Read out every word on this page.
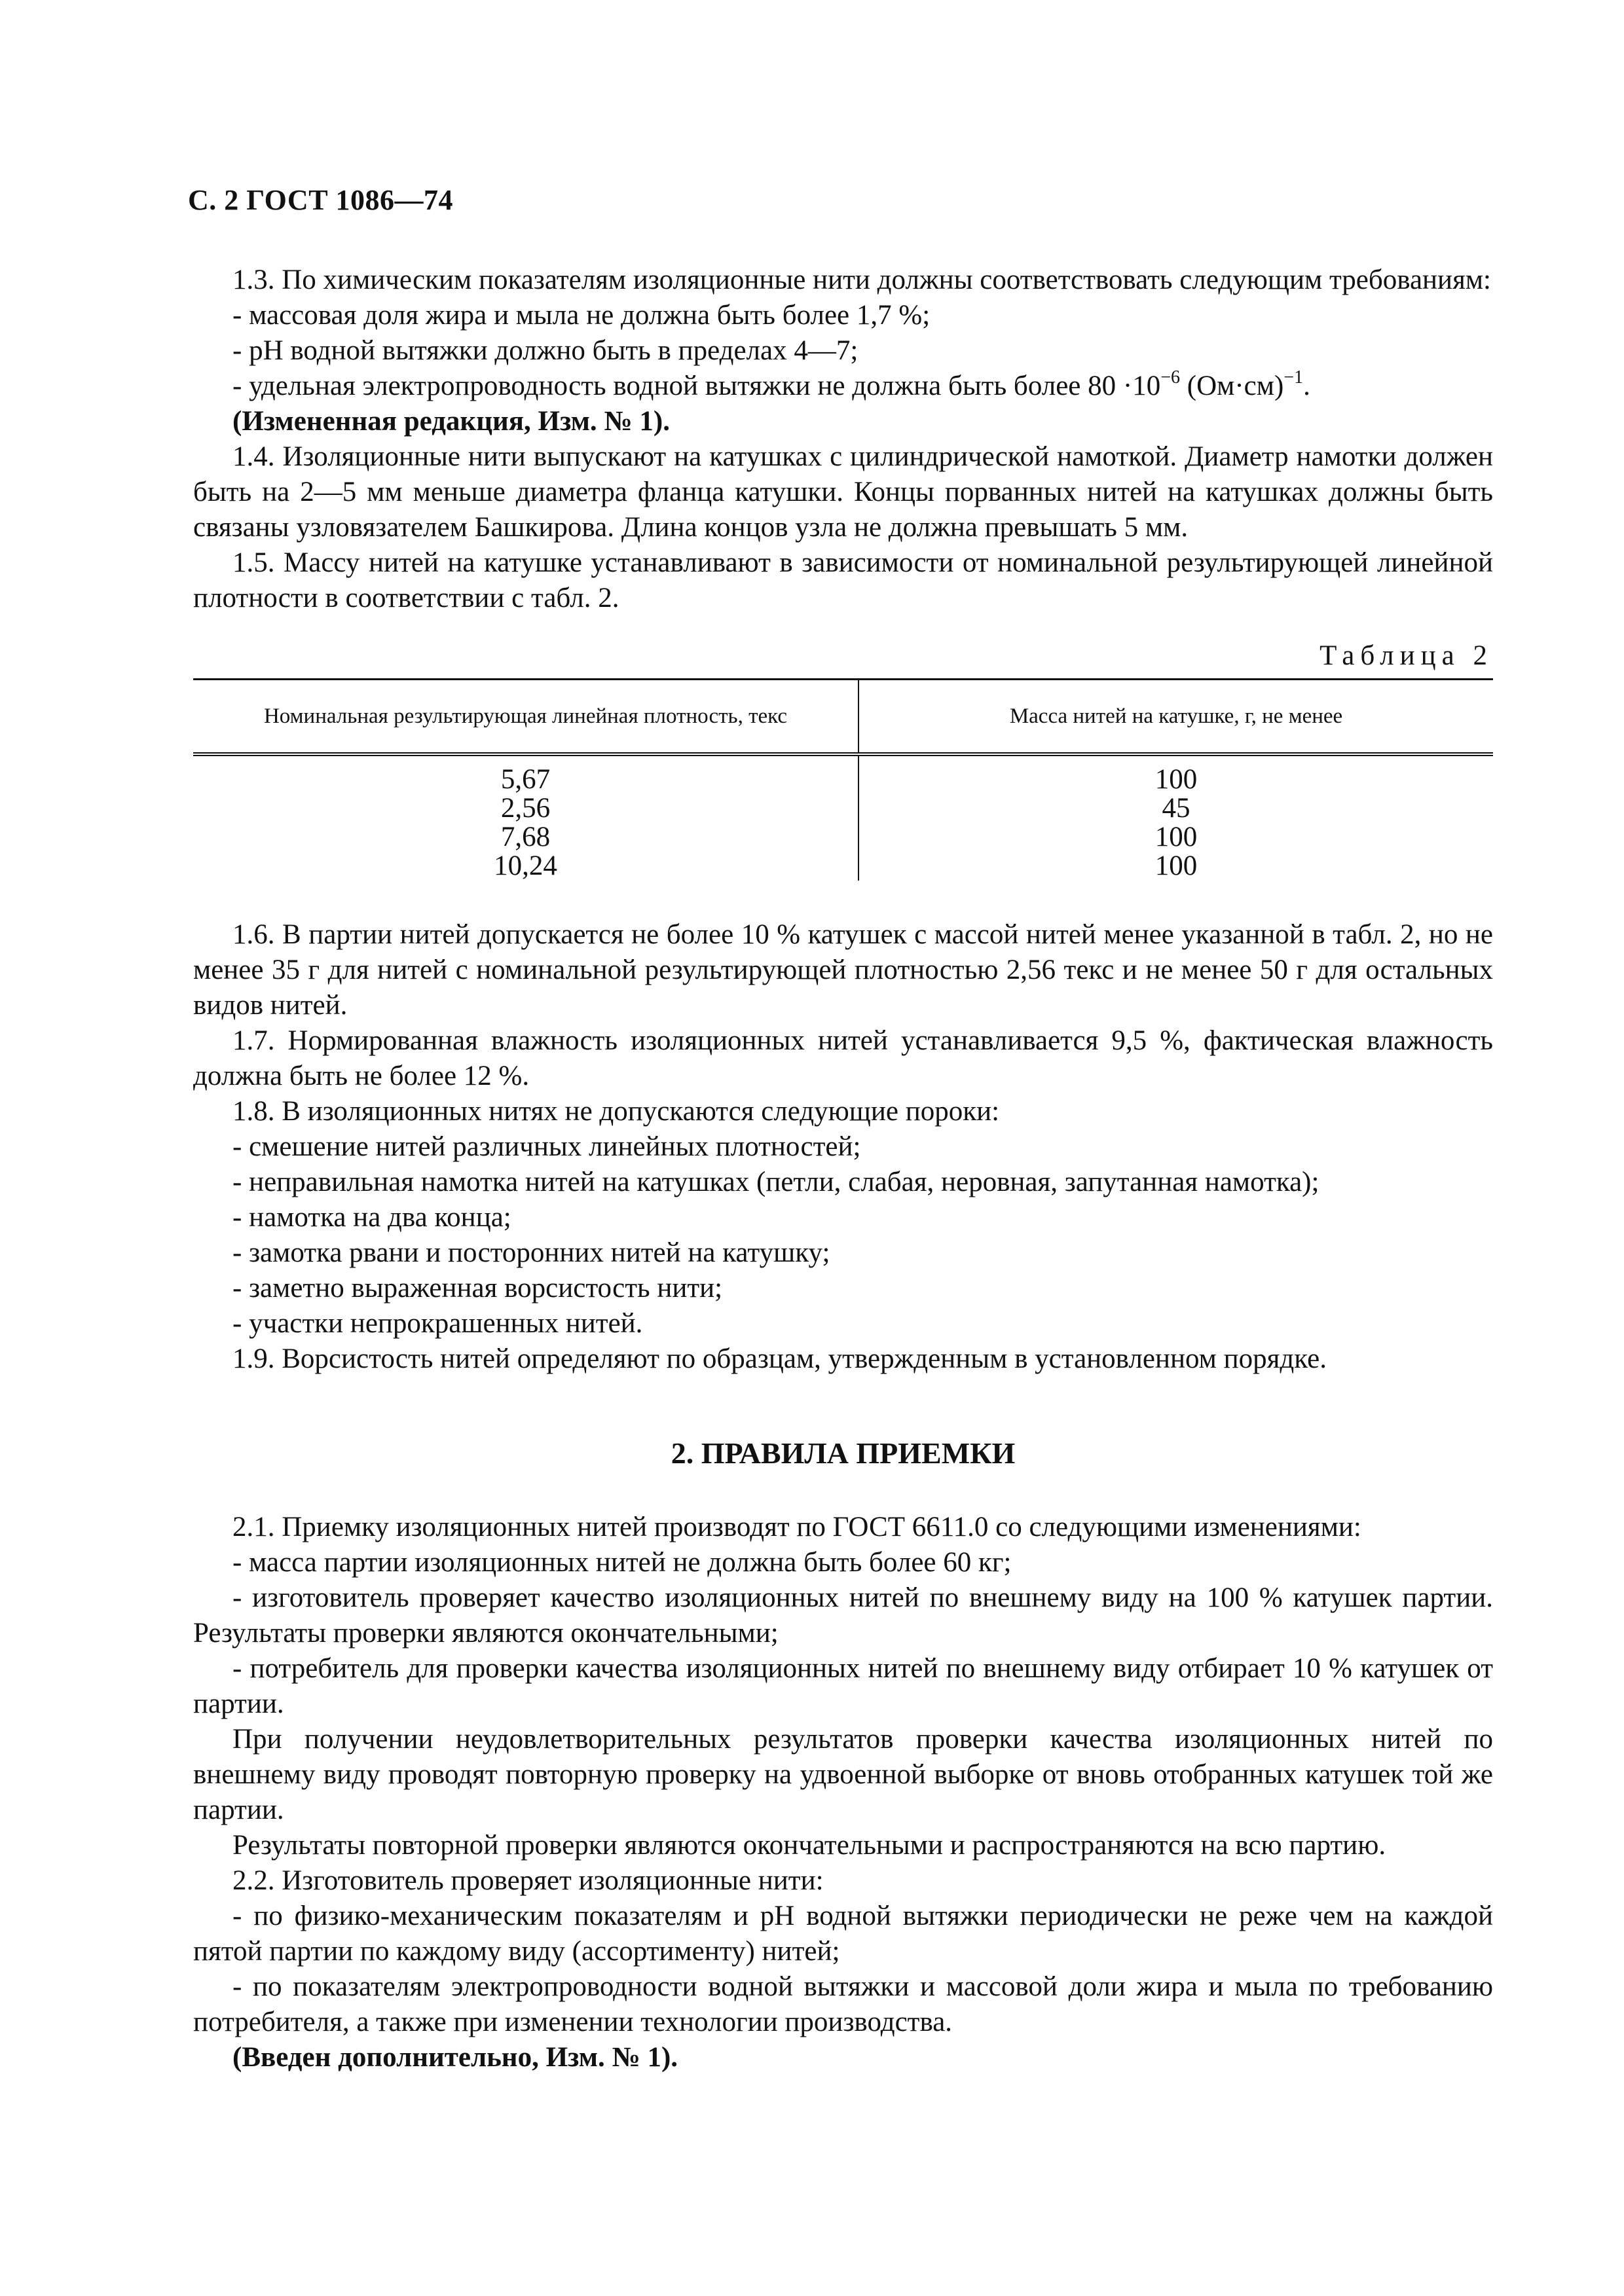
С. 2 ГОСТ 1086—74

1.3. По химическим показателям изоляционные нити должны соответствовать следующим требованиям:

- массовая доля жира и мыла не должна быть более 1,7 %;

- pH водной вытяжки должно быть в пределах 4—7;

- удельная электропроводность водной вытяжки не должна быть более $80 \cdot 10^{-6}$ $(Ом\cdot см)^{-1}$.

(Измененная редакция, Изм. № 1).

1.4. Изоляционные нити выпускают на катушках с цилиндрической намоткой. Диаметр намотки должен быть на 2—5 мм меньше диаметра фланца катушки. Концы порванных нитей на катушках должны быть связаны узловязателем Башкирова. Длина концов узла не должна превышать 5 мм.

1.5. Массу нитей на катушке устанавливают в зависимости от номинальной результирующей линейной плотности в соответствии с табл. 2.

Таблица 2
Номинальная результирующая линейная плотность, текс	Масса нитей на катушке, г, не менее
5,67	100
2,56	45
7,68	100
10,24	100

1.6. В партии нитей допускается не более 10 % катушек с массой нитей менее указанной в табл. 2, но не менее 35 г для нитей с номинальной результирующей плотностью 2,56 текс и не менее 50 г для остальных видов нитей.

1.7. Нормированная влажность изоляционных нитей устанавливается 9,5 %, фактическая влажность должна быть не более 12 %.

1.8. В изоляционных нитях не допускаются следующие пороки:

- смешение нитей различных линейных плотностей;

- неправильная намотка нитей на катушках (петли, слабая, неровная, запутанная намотка);

- намотка на два конца;

- замотка рвани и посторонних нитей на катушку;

- заметно выраженная ворсистость нити;

- участки непрокрашенных нитей.

1.9. Ворсистость нитей определяют по образцам, утвержденным в установленном порядке.

2. ПРАВИЛА ПРИЕМКИ

2.1. Приемку изоляционных нитей производят по ГОСТ 6611.0 со следующими изменениями:

- масса партии изоляционных нитей не должна быть более 60 кг;

- изготовитель проверяет качество изоляционных нитей по внешнему виду на 100 % катушек партии. Результаты проверки являются окончательными;

- потребитель для проверки качества изоляционных нитей по внешнему виду отбирает 10 % катушек от партии.

При получении неудовлетворительных результатов проверки качества изоляционных нитей по внешнему виду проводят повторную проверку на удвоенной выборке от вновь отобранных катушек той же партии.

Результаты повторной проверки являются окончательными и распространяются на всю партию.

2.2. Изготовитель проверяет изоляционные нити:

- по физико-механическим показателям и pH водной вытяжки периодически не реже чем на каждой пятой партии по каждому виду (ассортименту) нитей;

- по показателям электропроводности водной вытяжки и массовой доли жира и мыла по требованию потребителя, а также при изменении технологии производства.

(Введен дополнительно, Изм. № 1).
